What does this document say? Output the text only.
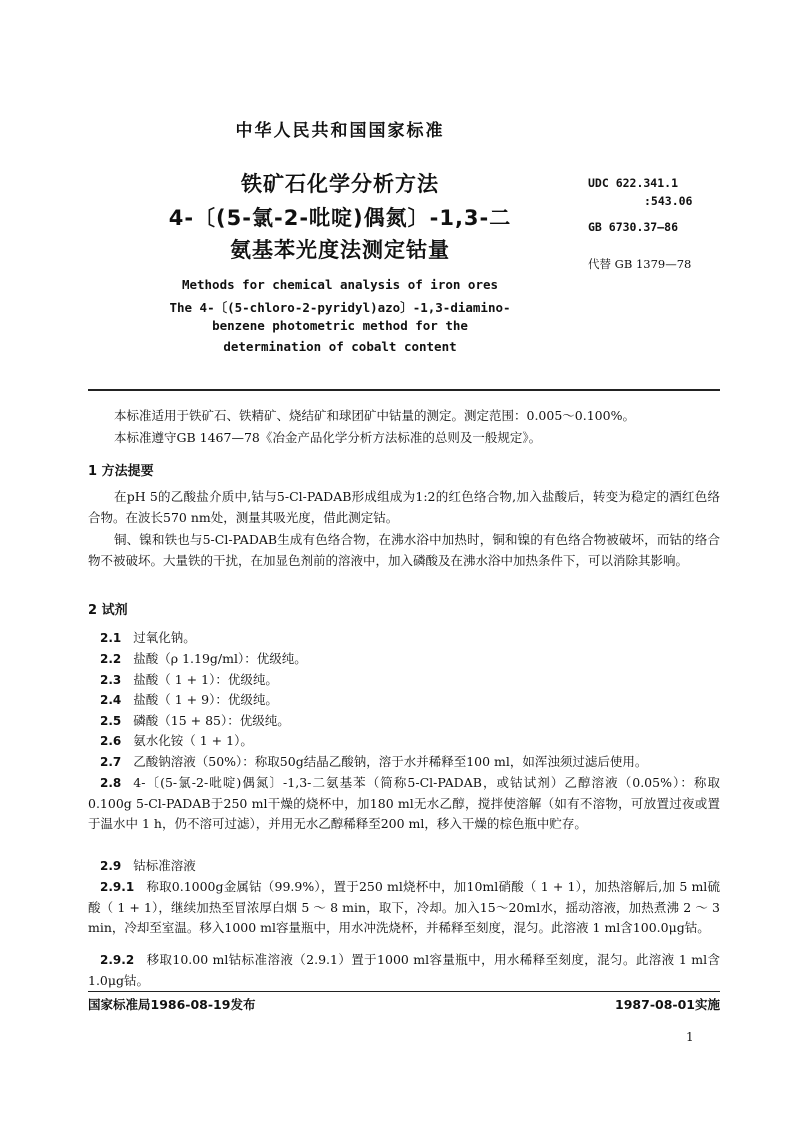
中华人民共和国国家标准
铁矿石化学分析方法
4-〔(5-氯-2-吡啶)偶氮〕-1,3-二
氨基苯光度法测定钴量
Methods for chemical analysis of iron ores
The 4-〔(5-chloro-2-pyridyl)azo〕-1,3-diamino-
benzene photometric method for the
determination of cobalt content
UDC 622.341.1
:543.06
GB 6730.37—86
代替 GB 1379—78
本标准适用于铁矿石、铁精矿、烧结矿和球团矿中钴量的测定。测定范围：0.005～0.100%。
本标准遵守GB 1467—78《冶金产品化学分析方法标准的总则及一般规定》。
1 方法提要
在pH 5的乙酸盐介质中,钴与5-Cl-PADAB形成组成为1:2的红色络合物,加入盐酸后，转变为稳定的酒红色络合物。在波长570 nm处，测量其吸光度，借此测定钴。
铜、镍和铁也与5-Cl-PADAB生成有色络合物，在沸水浴中加热时，铜和镍的有色络合物被破坏，而钴的络合物不被破坏。大量铁的干扰，在加显色剂前的溶液中，加入磷酸及在沸水浴中加热条件下，可以消除其影响。
2 试剂
2.1 过氧化钠。
2.2 盐酸（ρ 1.19g/ml）：优级纯。
2.3 盐酸（ 1 + 1）：优级纯。
2.4 盐酸（ 1 + 9）：优级纯。
2.5 磷酸（15 + 85）：优级纯。
2.6 氨水化铵（ 1 + 1）。
2.7 乙酸钠溶液（50%）：称取50g结晶乙酸钠，溶于水并稀释至100 ml，如浑浊须过滤后使用。
2.8 4-〔(5-氯-2-吡啶)偶氮〕-1,3-二氨基苯（简称5-Cl-PADAB，或钴试剂）乙醇溶液（0.05%）：称取0.100g 5-Cl-PADAB于250 ml干燥的烧杯中，加180 ml无水乙醇，搅拌使溶解（如有不溶物，可放置过夜或置于温水中 1 h，仍不溶可过滤），并用无水乙醇稀释至200 ml，移入干燥的棕色瓶中贮存。
2.9 钴标准溶液
2.9.1 称取0.1000g金属钴（99.9%），置于250 ml烧杯中，加10ml硝酸（ 1 + 1），加热溶解后,加 5 ml硫酸（ 1 + 1），继续加热至冒浓厚白烟 5 ～ 8 min，取下，冷却。加入15～20ml水，摇动溶液，加热煮沸 2 ～ 3 min，冷却至室温。移入1000 ml容量瓶中，用水冲洗烧杯，并稀释至刻度，混匀。此溶液 1 ml含100.0μg钴。
2.9.2 移取10.00 ml钴标准溶液（2.9.1）置于1000 ml容量瓶中，用水稀释至刻度，混匀。此溶液 1 ml含1.0μg钴。
国家标准局1986-08-19发布	1987-08-01实施
1
